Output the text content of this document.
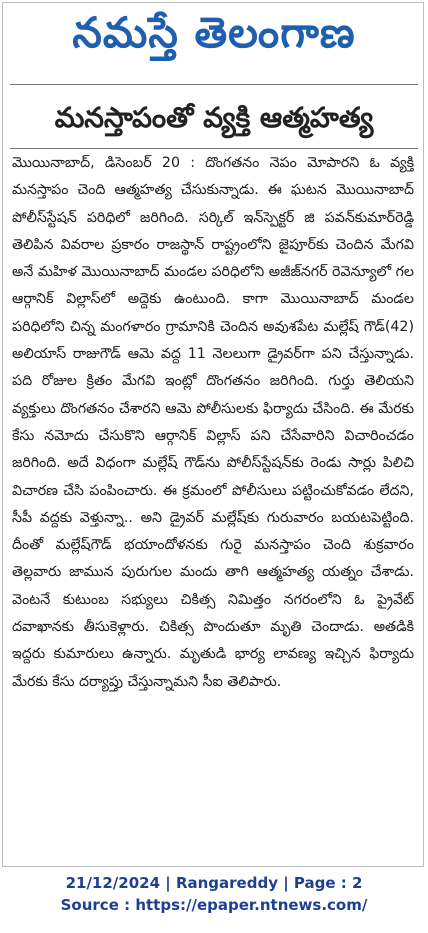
నమస్తే తెలంగాణ
మనస్తాపంతో వ్యక్తి ఆత్మహత్య

మొయినాబాద్, డిసెంబర్ 20 : దొంగతనం నెపం మోపారని ఓ వ్యక్తి మనస్తాపం చెంది ఆత్మహత్య చేసుకున్నాడు. ఈ ఘటన మొయినాబాద్ పోలీస్‌స్టేషన్ పరిధిలో జరిగింది. సర్కిల్ ఇన్‌స్పెక్టర్ జి పవన్‌కుమార్‌రెడ్డి తెలిపిన వివరాల ప్రకారం రాజస్థాన్ రాష్ట్రంలోని జైపూర్‌కు చెందిన మేగవి అనే మహిళ మొయినాబాద్ మండల పరిధిలోని అజీజ్‌నగర్ రెవెన్యూలో గల ఆర్గానిక్ విల్లాస్‌లో అద్దెకు ఉంటుంది. కాగా మొయినాబాద్ మండల పరిధిలోని చిన్న మంగళారం గ్రామానికి చెందిన అవుశపేట మల్లేష్ గౌడ్(42) అలియాస్ రాజుగౌడ్ ఆమె వద్ద 11 నెలలుగా డ్రైవర్‌గా పని చేస్తున్నాడు. పది రోజుల క్రితం మేగవి ఇంట్లో దొంగతనం జరిగింది. గుర్తు తెలియని వ్యక్తులు దొంగతనం చేశారని ఆమె పోలీసులకు ఫిర్యాదు చేసింది. ఈ మేరకు కేసు నమోదు చేసుకొని ఆర్గానిక్ విల్లాస్ పని చేసేవారిని విచారించడం జరిగింది. అదే విధంగా మల్లేష్ గౌడ్‌ను పోలీస్‌స్టేషన్‌కు రెండు సార్లు పిలిచి విచారణ చేసి పంపించారు. ఈ క్రమంలో పోలీసులు పట్టించుకోవడం లేదని, సీపీ వద్దకు వెళ్తున్నా.. అని డ్రైవర్ మల్లేష్‌కు గురువారం బయటపెట్టింది. దీంతో మల్లేష్‌గౌడ్ భయాందోళనకు గురై మనస్తాపం చెంది శుక్రవారం తెల్లవారు జామున పురుగుల మందు తాగి ఆత్మహత్య యత్నం చేశాడు. వెంటనే కుటుంబ సభ్యులు చికిత్స నిమిత్తం నగరంలోని ఓ ప్రైవేట్ దవాఖానకు తీసుకెళ్లారు. చికిత్స పొందుతూ మృతి చెందాడు. అతడికి ఇద్దరు కుమారులు ఉన్నారు. మృతుడి భార్య లావణ్య ఇచ్చిన ఫిర్యాదు మేరకు కేసు దర్యాప్తు చేస్తున్నామని సీఐ తెలిపారు.

21/12/2024 | Rangareddy | Page : 2
Source : https://epaper.ntnews.com/
